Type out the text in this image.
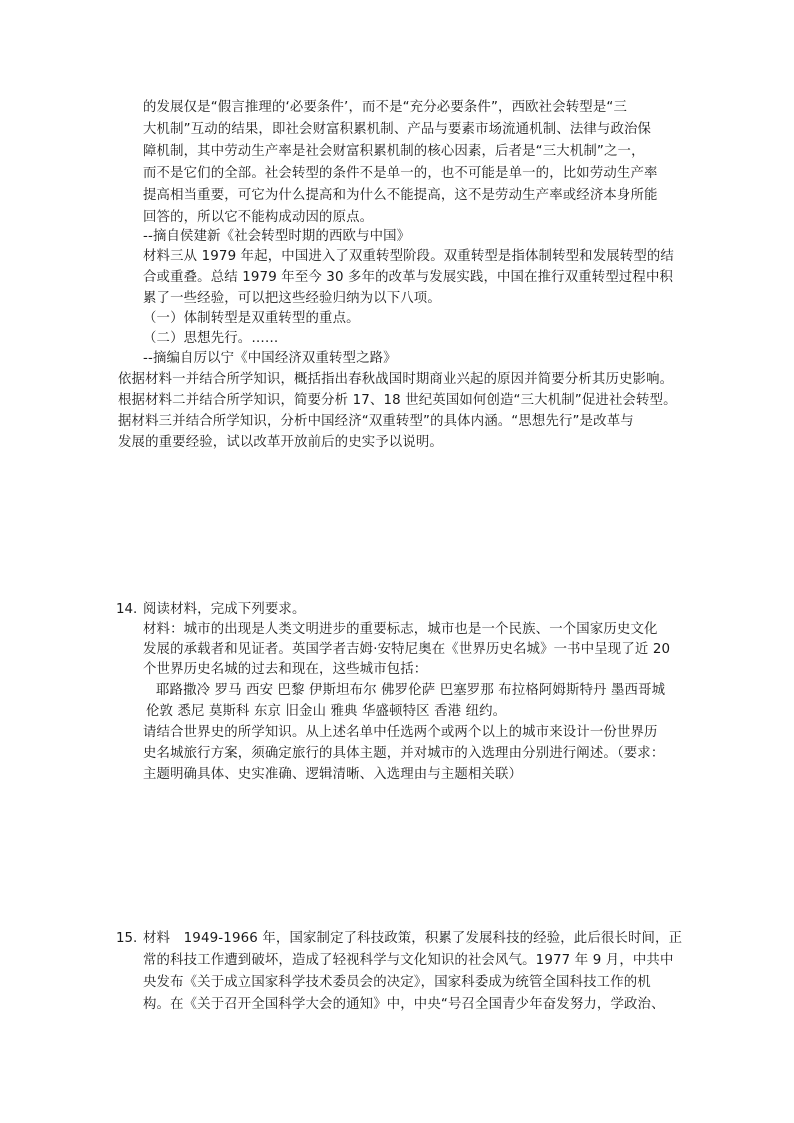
的发展仅是“假言推理的‘必要条件’，而不是“充分必要条件”，西欧社会转型是“三
大机制”互动的结果，即社会财富积累机制、产品与要素市场流通机制、法律与政治保
障机制，其中劳动生产率是社会财富积累机制的核心因素，后者是“三大机制”之一，
而不是它们的全部。社会转型的条件不是单一的，也不可能是单一的，比如劳动生产率
提高相当重要，可它为什么提高和为什么不能提高，这不是劳动生产率或经济本身所能
回答的，所以它不能构成动因的原点。
--摘自侯建新《社会转型时期的西欧与中国》
材料三从 1979 年起，中国进入了双重转型阶段。双重转型是指体制转型和发展转型的结
合或重叠。总结 1979 年至今 30 多年的改革与发展实践，中国在推行双重转型过程中积
累了一些经验，可以把这些经验归纳为以下八项。
（一）体制转型是双重转型的重点。
（二）思想先行。……
--摘编自厉以宁《中国经济双重转型之路》
依据材料一并结合所学知识，概括指出春秋战国时期商业兴起的原因并简要分析其历史影响。
根据材料二并结合所学知识，简要分析 17、18 世纪英国如何创造“三大机制”促进社会转型。
据材料三并结合所学知识，分析中国经济“双重转型”的具体内涵。“思想先行”是改革与
发展的重要经验，试以改革开放前后的史实予以说明。
14. 阅读材料，完成下列要求。
材料：城市的出现是人类文明进步的重要标志，城市也是一个民族、一个国家历史文化
发展的承载者和见证者。英国学者吉姆·安特尼奥在《世界历史名城》一书中呈现了近 20
个世界历史名城的过去和现在，这些城市包括：
耶路撒冷 罗马 西安 巴黎 伊斯坦布尔 佛罗伦萨 巴塞罗那 布拉格阿姆斯特丹 墨西哥城
伦敦 悉尼 莫斯科 东京 旧金山 雅典 华盛顿特区 香港 纽约。
请结合世界史的所学知识。从上述名单中任选两个或两个以上的城市来设计一份世界历
史名城旅行方案，须确定旅行的具体主题，并对城市的入选理由分别进行阐述。（要求：
主题明确具体、史实准确、逻辑清晰、入选理由与主题相关联）
15. 材料　1949-1966 年，国家制定了科技政策，积累了发展科技的经验，此后很长时间，正
常的科技工作遭到破坏，造成了轻视科学与文化知识的社会风气。1977 年 9 月，中共中
央发布《关于成立国家科学技术委员会的决定》，国家科委成为统管全国科技工作的机
构。在《关于召开全国科学大会的通知》中，中央“号召全国青少年奋发努力，学政治、
